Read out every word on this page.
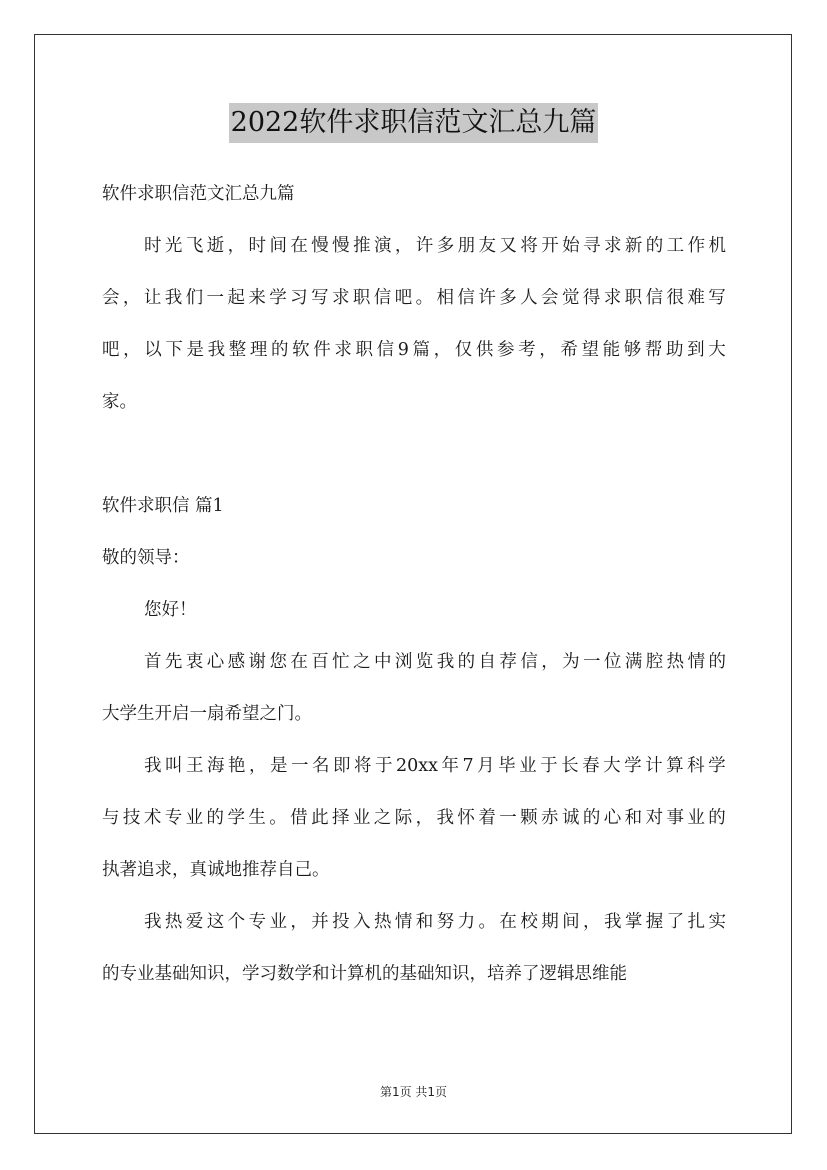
2022软件求职信范文汇总九篇
软件求职信范文汇总九篇
时 光 飞 逝 ， 时 间 在 慢 慢 推 演 ， 许 多 朋 友 又 将 开 始 寻 求 新 的 工 作 机
会 ， 让 我 们 一 起 来 学 习 写 求 职 信 吧 。 相 信 许 多 人 会 觉 得 求 职 信 很 难 写
吧 ， 以 下 是 我 整 理 的 软 件 求 职 信 9 篇 ， 仅 供 参 考 ， 希 望 能 够 帮 助 到 大
家。
软件求职信 篇1
敬的领导：
您好！
首 先 衷 心 感 谢 您 在 百 忙 之 中 浏 览 我 的 自 荐 信 ， 为 一 位 满 腔 热 情 的
大学生开启一扇希望之门。
我 叫 王 海 艳 ， 是 一 名 即 将 于 20xx 年 7 月 毕 业 于 长 春 大 学 计 算 科 学
与 技 术 专 业 的 学 生 。 借 此 择 业 之 际 ， 我 怀 着 一 颗 赤 诚 的 心 和 对 事 业 的
执著追求，真诚地推荐自己。
我 热 爱 这 个 专 业 ， 并 投 入 热 情 和 努 力 。 在 校 期 间 ， 我 掌 握 了 扎 实
的专业基础知识，学习数学和计算机的基础知识，培养了逻辑思维能
第1页 共1页
